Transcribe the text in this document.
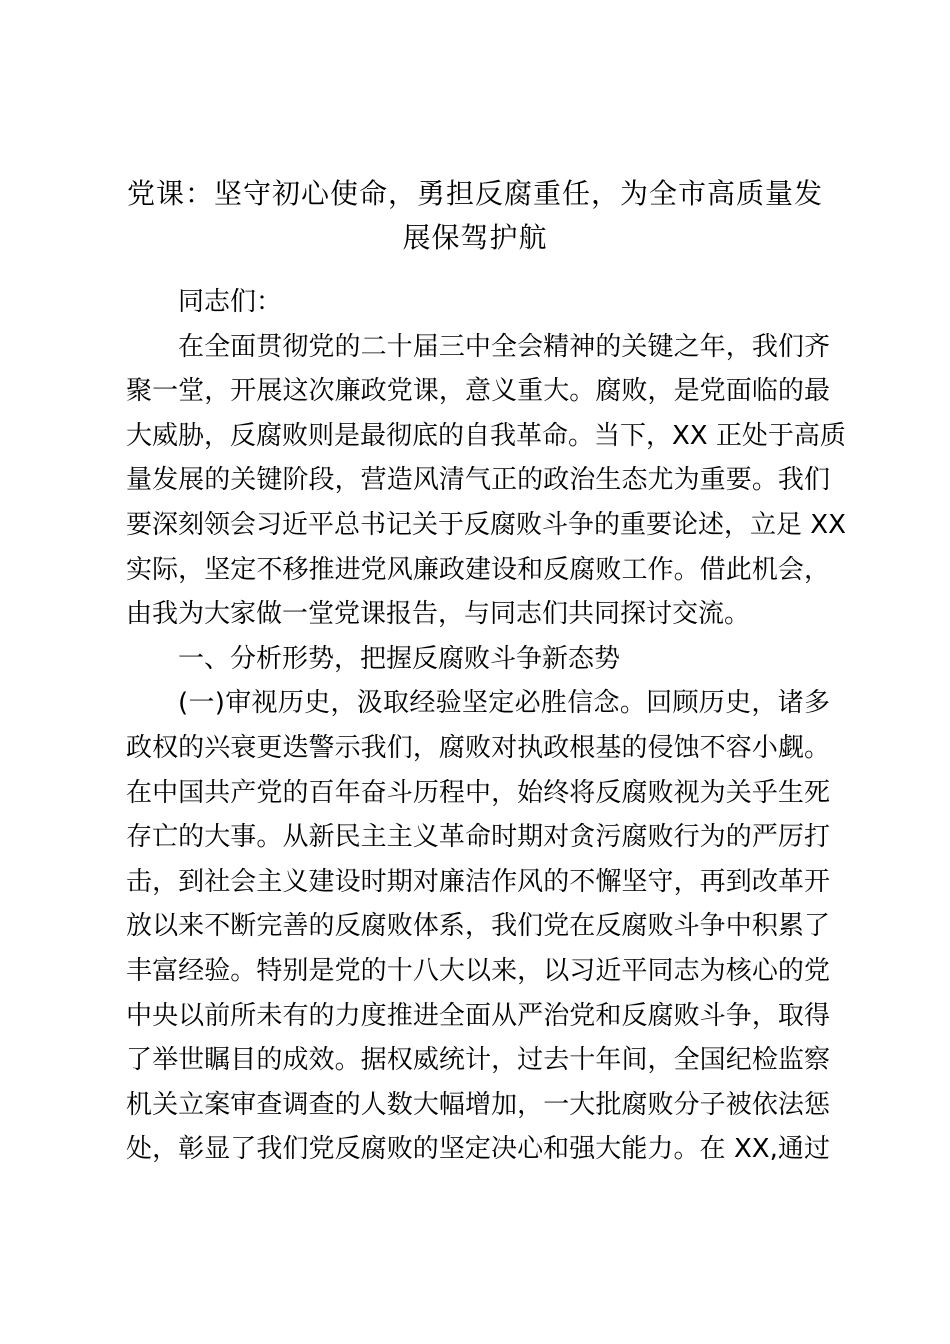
党课：坚守初心使命，勇担反腐重任，为全市高质量发
展保驾护航
同志们：
在全面贯彻党的二十届三中全会精神的关键之年，我们齐
聚一堂，开展这次廉政党课，意义重大。腐败，是党面临的最
大威胁，反腐败则是最彻底的自我革命。当下，XX 正处于高质
量发展的关键阶段，营造风清气正的政治生态尤为重要。我们
要深刻领会习近平总书记关于反腐败斗争的重要论述，立足 XX
实际，坚定不移推进党风廉政建设和反腐败工作。借此机会，
由我为大家做一堂党课报告，与同志们共同探讨交流。
一、分析形势，把握反腐败斗争新态势
(一)审视历史，汲取经验坚定必胜信念。回顾历史，诸多
政权的兴衰更迭警示我们，腐败对执政根基的侵蚀不容小觑。
在中国共产党的百年奋斗历程中，始终将反腐败视为关乎生死
存亡的大事。从新民主主义革命时期对贪污腐败行为的严厉打
击，到社会主义建设时期对廉洁作风的不懈坚守，再到改革开
放以来不断完善的反腐败体系，我们党在反腐败斗争中积累了
丰富经验。特别是党的十八大以来，以习近平同志为核心的党
中央以前所未有的力度推进全面从严治党和反腐败斗争，取得
了举世瞩目的成效。据权威统计，过去十年间，全国纪检监察
机关立案审查调查的人数大幅增加，一大批腐败分子被依法惩
处，彰显了我们党反腐败的坚定决心和强大能力。在 XX,通过
